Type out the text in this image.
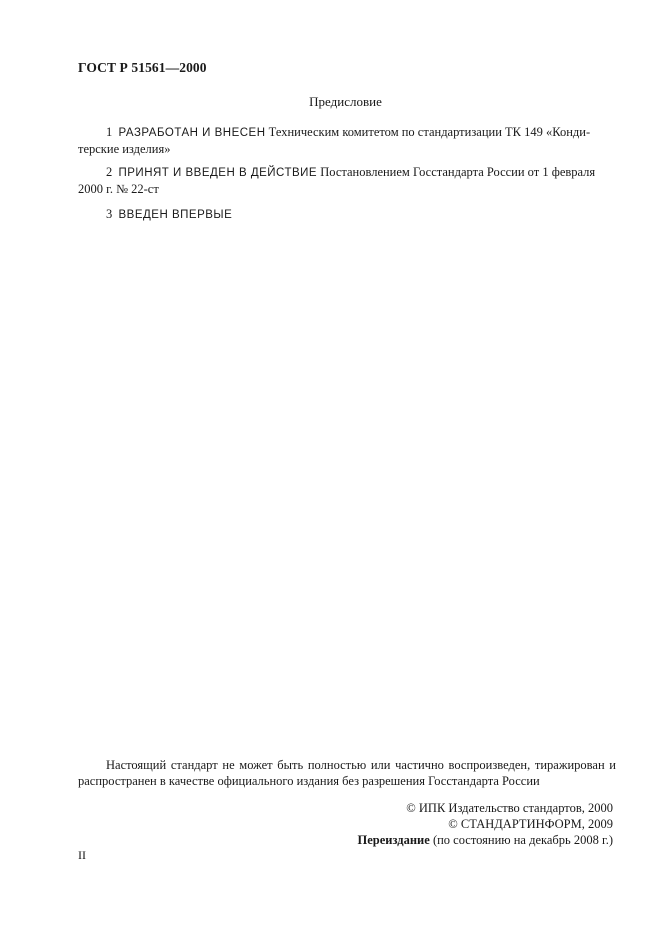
ГОСТ Р 51561—2000
Предисловие
1 РАЗРАБОТАН И ВНЕСЕН Техническим комитетом по стандартизации ТК 149 «Конди-
терские изделия»
2 ПРИНЯТ И ВВЕДЕН В ДЕЙСТВИЕ Постановлением Госстандарта России от 1 февраля
2000 г. № 22-ст
3 ВВЕДЕН ВПЕРВЫЕ
Настоящий стандарт не может быть полностью или частично воспроизведен, тиражирован и
распространен в качестве официального издания без разрешения Госстандарта России
© ИПК Издательство стандартов, 2000
© СТАНДАРТИНФОРМ, 2009
Переиздание (по состоянию на декабрь 2008 г.)
II
